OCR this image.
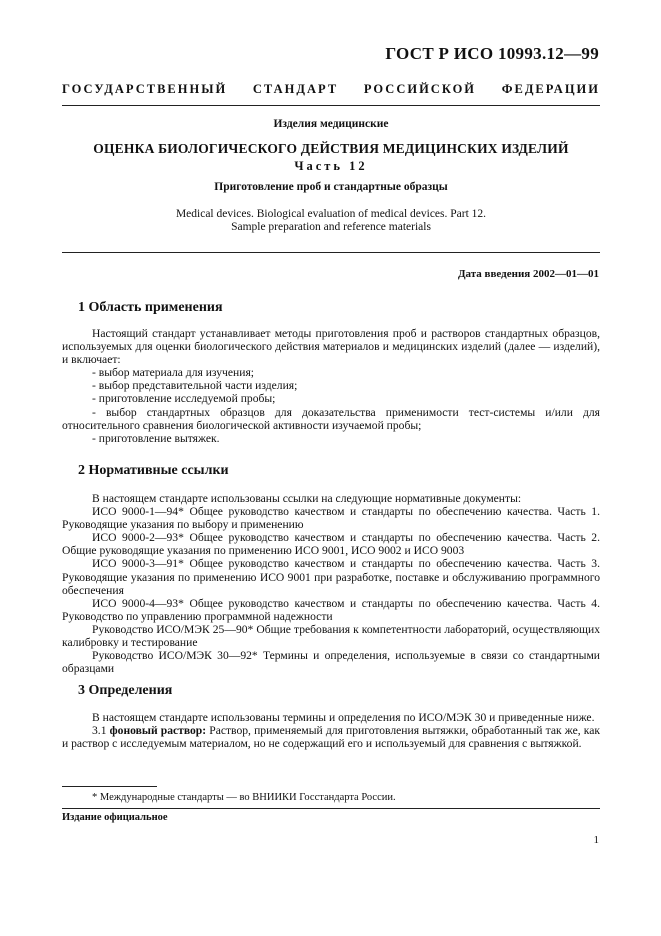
ГОСТ Р ИСО 10993.12—99
ГОСУДАРСТВЕННЫЙ СТАНДАРТ РОССИЙСКОЙ ФЕДЕРАЦИИ
Изделия медицинские
ОЦЕНКА БИОЛОГИЧЕСКОГО ДЕЙСТВИЯ МЕДИЦИНСКИХ ИЗДЕЛИЙ
Часть 12
Приготовление проб и стандартные образцы
Medical devices. Biological evaluation of medical devices. Part 12.
Sample preparation and reference materials
Дата введения 2002—01—01
1 Область применения

Настоящий стандарт устанавливает методы приготовления проб и растворов стандартных образцов, используемых для оценки биологического действия материалов и медицинских изделий (далее — изделий), и включает:

- выбор материала для изучения;

- выбор представительной части изделия;

- приготовление исследуемой пробы;

- выбор стандартных образцов для доказательства применимости тест-системы и/или для относительного сравнения биологической активности изучаемой пробы;

- приготовление вытяжек.

2 Нормативные ссылки

В настоящем стандарте использованы ссылки на следующие нормативные документы:

ИСО 9000-1—94* Общее руководство качеством и стандарты по обеспечению качества. Часть 1. Руководящие указания по выбору и применению

ИСО 9000-2—93* Общее руководство качеством и стандарты по обеспечению качества. Часть 2. Общие руководящие указания по применению ИСО 9001, ИСО 9002 и ИСО 9003

ИСО 9000-3—91* Общее руководство качеством и стандарты по обеспечению качества. Часть 3. Руководящие указания по применению ИСО 9001 при разработке, поставке и обслуживанию программного обеспечения

ИСО 9000-4—93* Общее руководство качеством и стандарты по обеспечению качества. Часть 4. Руководство по управлению программной надежности

Руководство ИСО/МЭК 25—90* Общие требования к компетентности лабораторий, осуществляющих калибровку и тестирование

Руководство ИСО/МЭК 30—92* Термины и определения, используемые в связи со стандартными образцами

3 Определения

В настоящем стандарте использованы термины и определения по ИСО/МЭК 30 и приведенные ниже.

3.1 фоновый раствор: Раствор, применяемый для приготовления вытяжки, обработанный так же, как и раствор с исследуемым материалом, но не содержащий его и используемый для сравнения с вытяжкой.

* Международные стандарты — во ВНИИКИ Госстандарта России.
Издание официальное
1
